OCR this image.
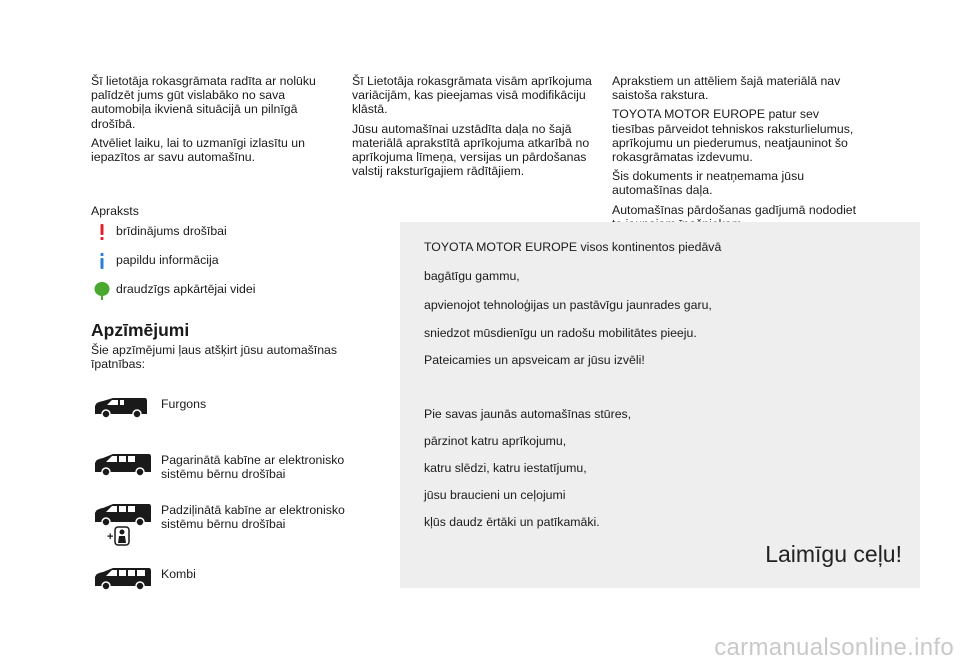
Šī lietotāja rokasgrāmata radīta ar nolūku palīdzēt jums gūt vislabāko no sava automobiļa ikvienā situācijā un pilnīgā drošībā.

Atvēliet laiku, lai to uzmanīgi izlasītu un iepazītos ar savu automašīnu.

Šī Lietotāja rokasgrāmata visām aprīkojuma variācijām, kas pieejamas visā modifikāciju klāstā.

Jūsu automašīnai uzstādīta daļa no šajā materiālā aprakstītā aprīkojuma atkarībā no aprīkojuma līmeņa, versijas un pārdošanas valstij raksturīgajiem rādītājiem.

Aprakstiem un attēliem šajā materiālā nav saistoša rakstura.

TOYOTA MOTOR EUROPE patur sev tiesības pārveidot tehniskos raksturlielumus, aprīkojumu un piederumus, neatjauninot šo rokasgrāmatas izdevumu.

Šis dokuments ir neatņemama jūsu automašīnas daļa.

Automašīnas pārdošanas gadījumā nododiet

Apraksts
brīdinājums drošībai
papildu informācija
draudzīgs apkārtējai videi
Apzīmējumi
Šie apzīmējumi ļaus atšķirt jūsu automašīnas īpatnības:
Furgons
Pagarinātā kabīne ar elektronisko sistēmu bērnu drošībai
+
Padziļinātā kabīne ar elektronisko sistēmu bērnu drošībai
Kombi
TOYOTA MOTOR EUROPE visos kontinentos piedāvā
bagātīgu gammu,
apvienojot tehnoloģijas un pastāvīgu jaunrades garu,
sniedzot mūsdienīgu un radošu mobilitātes pieeju.
Pateicamies un apsveicam ar jūsu izvēli!
Pie savas jaunās automašīnas stūres,
pārzinot katru aprīkojumu,
katru slēdzi, katru iestatījumu,
jūsu braucieni un ceļojumi
kļūs daudz ērtāki un patīkamāki.
Laimīgu ceļu!
carmanualsonline.info
